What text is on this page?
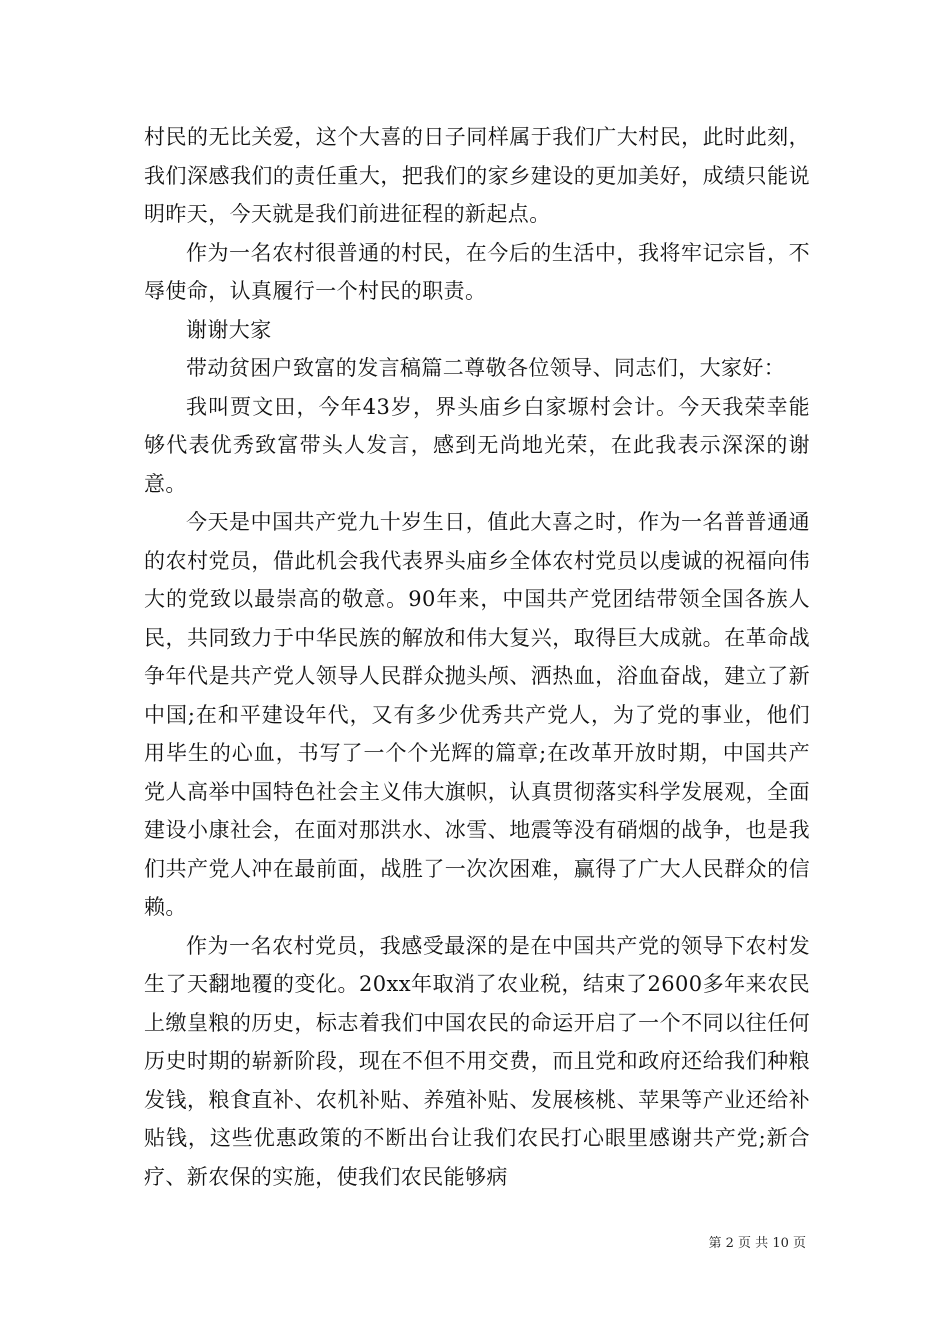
村民的无比关爱，这个大喜的日子同样属于我们广大村民，此时此刻，我们深感我们的责任重大，把我们的家乡建设的更加美好，成绩只能说明昨天，今天就是我们前进征程的新起点。

作为一名农村很普通的村民，在今后的生活中，我将牢记宗旨，不辱使命，认真履行一个村民的职责。

谢谢大家

带动贫困户致富的发言稿篇二尊敬各位领导、同志们，大家好：

我叫贾文田，今年43岁，界头庙乡白家塬村会计。今天我荣幸能够代表优秀致富带头人发言，感到无尚地光荣，在此我表示深深的谢意。

今天是中国共产党九十岁生日，值此大喜之时，作为一名普普通通的农村党员，借此机会我代表界头庙乡全体农村党员以虔诚的祝福向伟大的党致以最崇高的敬意。90年来，中国共产党团结带领全国各族人民，共同致力于中华民族的解放和伟大复兴，取得巨大成就。在革命战争年代是共产党人领导人民群众抛头颅、洒热血，浴血奋战，建立了新中国;在和平建设年代，又有多少优秀共产党人，为了党的事业，他们用毕生的心血，书写了一个个光辉的篇章;在改革开放时期，中国共产党人高举中国特色社会主义伟大旗帜，认真贯彻落实科学发展观，全面建设小康社会，在面对那洪水、冰雪、地震等没有硝烟的战争，也是我们共产党人冲在最前面，战胜了一次次困难，赢得了广大人民群众的信赖。

作为一名农村党员，我感受最深的是在中国共产党的领导下农村发生了天翻地覆的变化。20xx年取消了农业税，结束了2600多年来农民上缴皇粮的历史，标志着我们中国农民的命运开启了一个不同以往任何历史时期的崭新阶段，现在不但不用交费，而且党和政府还给我们种粮发钱，粮食直补、农机补贴、养殖补贴、发展核桃、苹果等产业还给补贴钱，这些优惠政策的不断出台让我们农民打心眼里感谢共产党;新合疗、新农保的实施，使我们农民能够病

第 2 页 共 10 页
